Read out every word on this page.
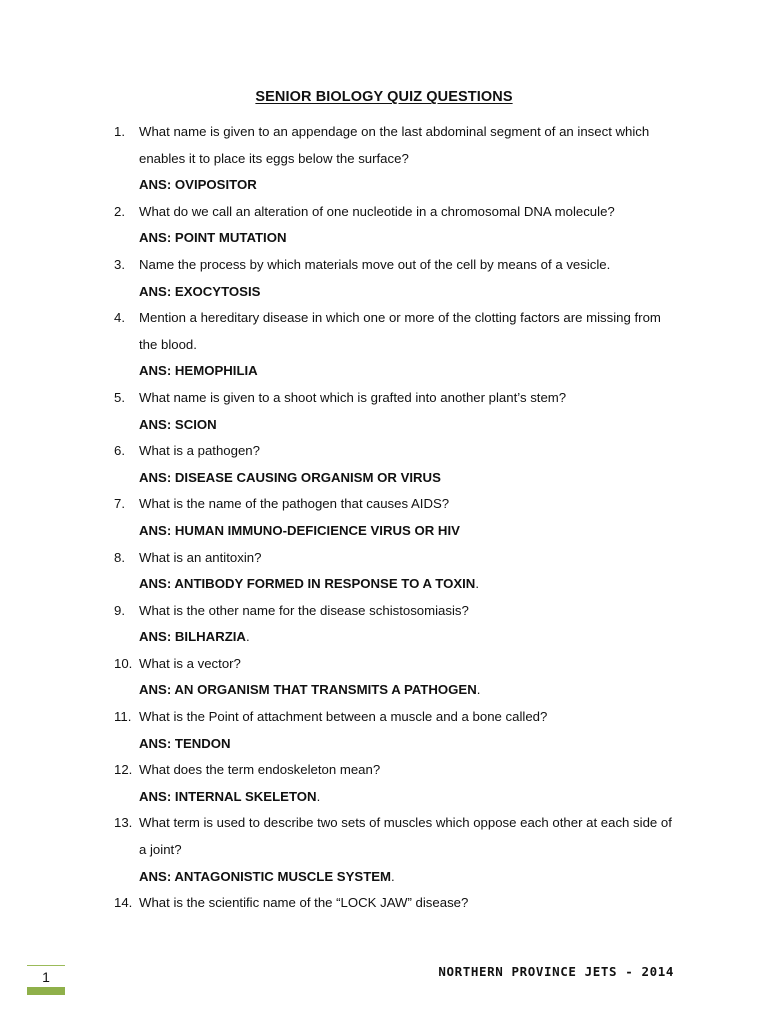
SENIOR BIOLOGY QUIZ QUESTIONS
1.	What name is given to an appendage on the last abdominal segment of an insect which enables it to place its eggs below the surface?
ANS: OVIPOSITOR
2.	What do we call an alteration of one nucleotide in a chromosomal DNA molecule?
ANS: POINT MUTATION
3.	Name the process by which materials move out of the cell by means of a vesicle.
ANS: EXOCYTOSIS
4.	Mention a hereditary disease in which one or more of the clotting factors are missing from the blood.
ANS: HEMOPHILIA
5.	What name is given to a shoot which is grafted into another plant’s stem?
ANS: SCION
6.	What is a pathogen?
ANS: DISEASE CAUSING ORGANISM OR VIRUS
7.	What is the name of the pathogen that causes AIDS?
ANS: HUMAN IMMUNO-DEFICIENCE VIRUS OR HIV
8.	What is an antitoxin?
ANS: ANTIBODY FORMED IN RESPONSE TO A TOXIN.
9.	What is the other name for the disease schistosomiasis?
ANS: BILHARZIA.
10. What is a vector?
ANS: AN ORGANISM THAT TRANSMITS A PATHOGEN.
11. What is the Point of attachment between a muscle and a bone called?
ANS: TENDON
12. What does the term endoskeleton mean?
ANS: INTERNAL SKELETON.
13. What term is used to describe two sets of muscles which oppose each other at each side of a joint?
ANS: ANTAGONISTIC MUSCLE SYSTEM.
14. What is the scientific name of the “LOCK JAW” disease?
1	NORTHERN PROVINCE JETS - 2014
